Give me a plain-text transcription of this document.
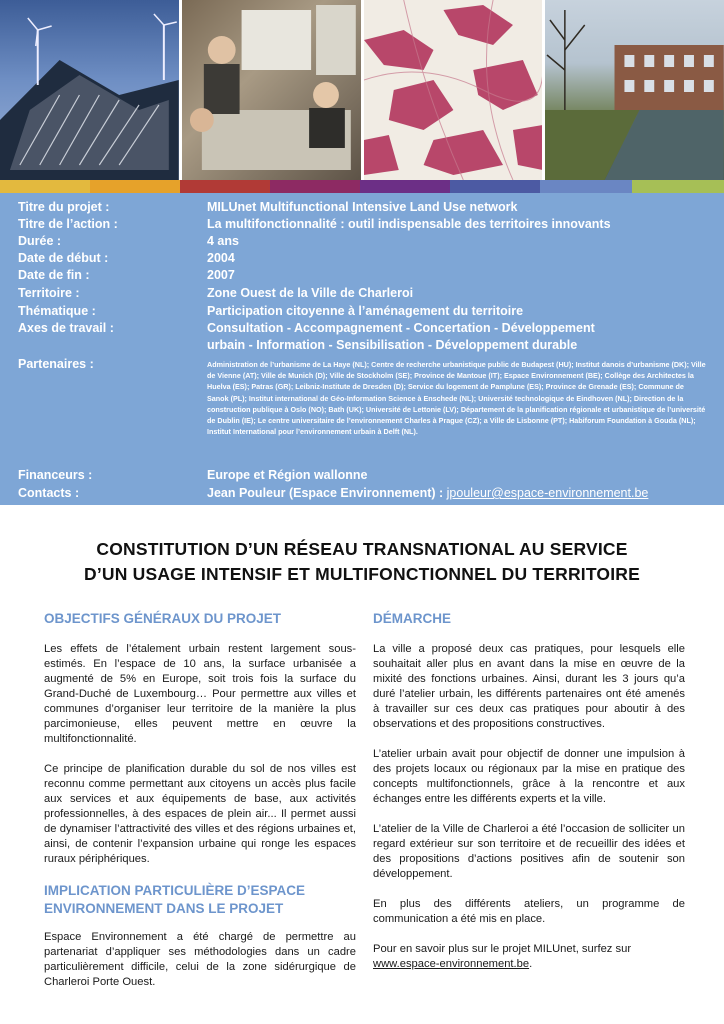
Titre du projet :	MILUnet Multifunctional Intensive Land Use network
Titre de l’action :	La multifonctionnalité : outil indispensable des territoires innovants
Durée :	4 ans
Date de début :	2004
Date de fin :	2007
Territoire :	Zone Ouest de la Ville de Charleroi
Thématique :	Participation citoyenne à l’aménagement du territoire
Axes de travail :	Consultation - Accompagnement - Concertation - Développement
urbain - Information - Sensibilisation - Développement durable
Partenaires :	Administration de l’urbanisme de La Haye (NL); Centre de recherche urbanistique public de Budapest (HU); Institut danois d’urbanisme (DK); Ville de Vienne (AT); Ville de Munich (D); Ville de Stockholm (SE); Province de Mantoue (IT); Espace Environnement (BE); Collège des Architectes la Huelva (ES); Patras (GR); Leibniz-Institute de Dresden (D); Service du logement de Pamplune (ES); Province de Grenade (ES); Commune de Sanok (PL); Institut international de Géo-Information Science à Enschede (NL); Université technologique de Eindhoven (NL); Direction de la construction publique à Oslo (NO); Bath (UK); Université de Lettonie (LV); Département de la planification régionale et urbanistique de l’université de Dublin (IE); Le centre universitaire de l’environnement Charles à Prague (CZ); a Ville de Lisbonne (PT); Habiforum Foundation à Gouda (NL); Institut International pour l’environnement urbain à Delft (NL).
Financeurs :	Europe et Région wallonne
Contacts :	Jean Pouleur (Espace Environnement) : jpouleur@espace-environnement.be
CONSTITUTION D’UN RÉSEAU TRANSNATIONAL AU SERVICE
D’UN USAGE INTENSIF ET MULTIFONCTIONNEL DU TERRITOIRE
OBJECTIFS GÉNÉRAUX DU PROJET

Les effets de l’étalement urbain restent largement sous-estimés. En l’espace de 10 ans, la surface urbanisée a augmenté de 5% en Europe, soit trois fois la surface du Grand-Duché de Luxembourg… Pour permettre aux villes et communes d’organiser leur territoire de la manière la plus parcimonieuse, elles peuvent mettre en œuvre la multifonctionnalité.

Ce principe de planification durable du sol de nos villes est reconnu comme permettant aux citoyens un accès plus facile aux services et aux équipements de base, aux activités professionnelles, à des espaces de plein air... Il permet aussi de dynamiser l’attractivité des villes et des régions urbaines et, ainsi, de contenir l’expansion urbaine qui ronge les espaces ruraux périphériques.

IMPLICATION PARTICULIÈRE D’ESPACE ENVIRONNEMENT DANS LE PROJET

Espace Environnement a été chargé de permettre au partenariat d’appliquer ses méthodologies dans un cadre particulièrement difficile, celui de la zone sidérurgique de Charleroi Porte Ouest.

DÉMARCHE

La ville a proposé deux cas pratiques, pour lesquels elle souhaitait aller plus en avant dans la mise en œuvre de la mixité des fonctions urbaines. Ainsi, durant les 3 jours qu’a duré l’atelier urbain, les différents partenaires ont été amenés à travailler sur ces deux cas pratiques pour aboutir à des observations et des propositions constructives.

L’atelier urbain avait pour objectif de donner une impulsion à des projets locaux ou régionaux par la mise en pratique des concepts multifonctionnels, grâce à la rencontre et aux échanges entre les différents experts et la ville.

L’atelier de la Ville de Charleroi a été l’occasion de solliciter un regard extérieur sur son territoire et de recueillir des idées et des propositions d’actions positives afin de soutenir son développement.

En plus des différents ateliers, un programme de communication a été mis en place.

Pour en savoir plus sur le projet MILUnet, surfez sur www.espace-environnement.be.
